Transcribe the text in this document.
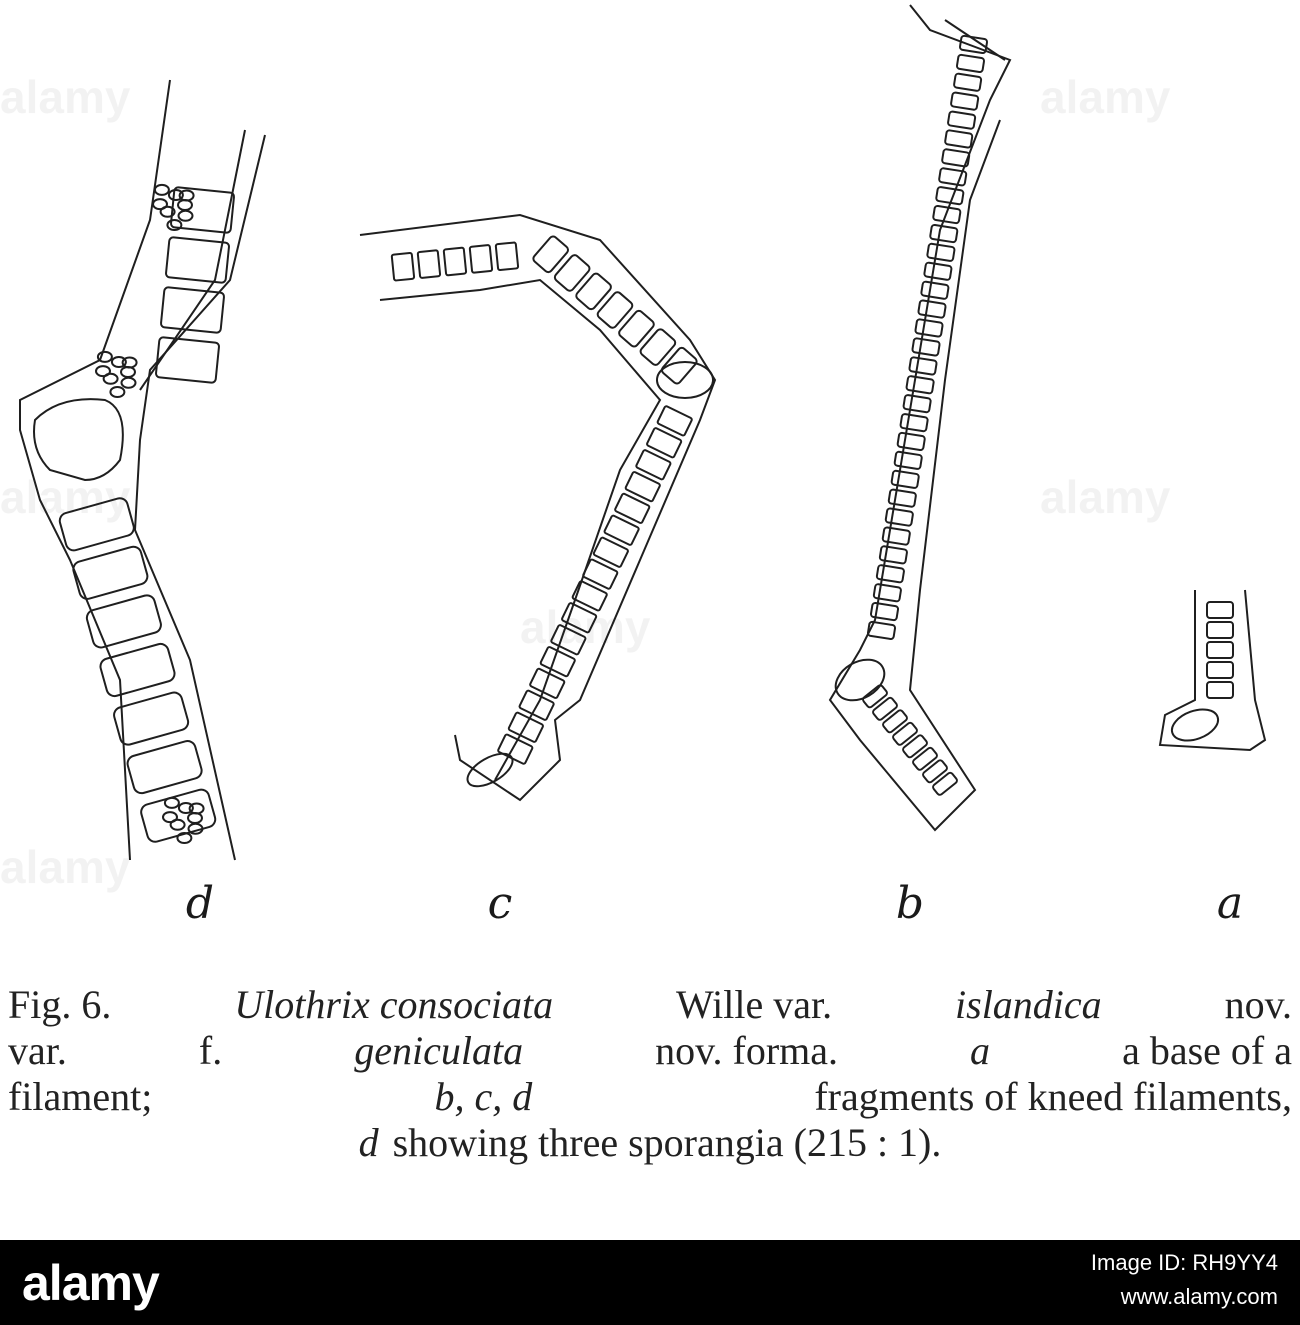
alamy	alamy
alamy	alamy
alamy
alamy
d	c	b	a
Fig. 6.	Ulothrix consociata	Wille var.	islandica	nov.
var.	f.	geniculata	nov. forma.	a	a base of a
filament;	b, c, d	fragments of kneed filaments,
d showing three sporangia (215 : 1).
alamy	Image ID: RH9YY4
www.alamy.com
